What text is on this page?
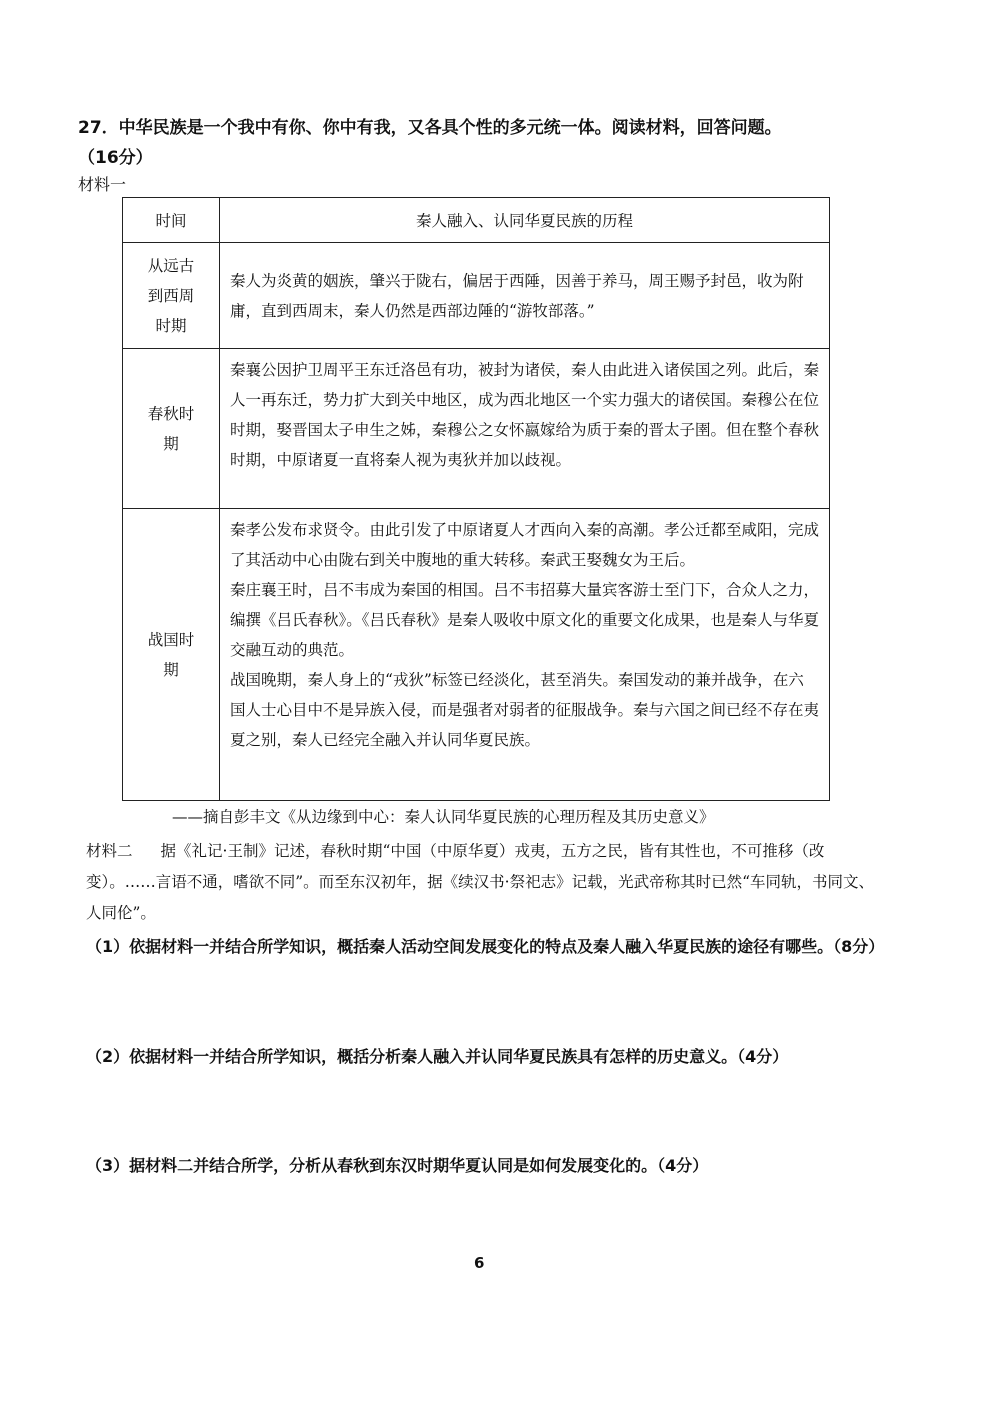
27．中华民族是一个我中有你、你中有我，又各具个性的多元统一体。阅读材料，回答问题。
（16分）
材料一
时间	秦人融入、认同华夏民族的历程

从远古到西周时期	秦人为炎黄的姻族，肇兴于陇右，偏居于西陲，因善于养马，周王赐予封邑，收为附庸，直到西周末，秦人仍然是西部边陲的“游牧部落。”

春秋时期	秦襄公因护卫周平王东迁洛邑有功，被封为诸侯，秦人由此进入诸侯国之列。此后，秦人一再东迁，势力扩大到关中地区，成为西北地区一个实力强大的诸侯国。秦穆公在位时期，娶晋国太子申生之姊，秦穆公之女怀嬴嫁给为质于秦的晋太子圉。但在整个春秋时期，中原诸夏一直将秦人视为夷狄并加以歧视。

战国时期	秦孝公发布求贤令。由此引发了中原诸夏人才西向入秦的高潮。孝公迁都至咸阳，完成了其活动中心由陇右到关中腹地的重大转移。秦武王娶魏女为王后。

秦庄襄王时，吕不韦成为秦国的相国。吕不韦招募大量宾客游士至门下，合众人之力，编撰《吕氏春秋》。《吕氏春秋》是秦人吸收中原文化的重要文化成果，也是秦人与华夏交融互动的典范。

战国晚期，秦人身上的“戎狄”标签已经淡化，甚至消失。秦国发动的兼并战争，在六国人士心目中不是异族入侵，而是强者对弱者的征服战争。秦与六国之间已经不存在夷夏之别，秦人已经完全融入并认同华夏民族。

——摘自彭丰文《从边缘到中心：秦人认同华夏民族的心理历程及其历史意义》
材料二 据《礼记·王制》记述，春秋时期“中国（中原华夏）戎夷，五方之民，皆有其性也，不可推移（改变）。……言语不通，嗜欲不同”。而至东汉初年，据《续汉书·祭祀志》记载，光武帝称其时已然“车同轨，书同文、人同伦”。
（1）依据材料一并结合所学知识，概括秦人活动空间发展变化的特点及秦人融入华夏民族的途径有哪些。（8分）
（2）依据材料一并结合所学知识，概括分析秦人融入并认同华夏民族具有怎样的历史意义。（4分）
（3）据材料二并结合所学，分析从春秋到东汉时期华夏认同是如何发展变化的。（4分）
6
